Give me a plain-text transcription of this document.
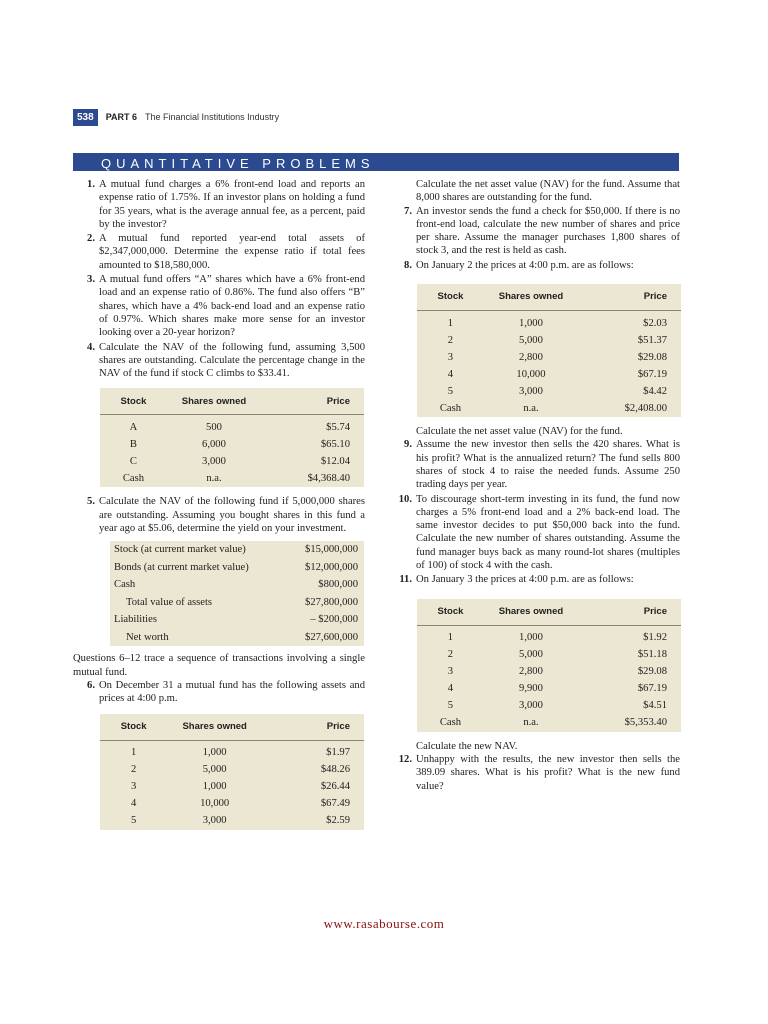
538	PART 6 The Financial Institutions Industry
QUANTITATIVE PROBLEMS
1. A mutual fund charges a 6% front-end load and reports an expense ratio of 1.75%. If an investor plans on holding a fund for 35 years, what is the average annual fee, as a percent, paid by the investor?
2. A mutual fund reported year-end total assets of $2,347,000,000. Determine the expense ratio if total fees amounted to $18,580,000.
3. A mutual fund offers “A” shares which have a 6% front-end load and an expense ratio of 0.86%. The fund also offers “B” shares, which have a 4% back-end load and an expense ratio of 0.97%. Which shares make more sense for an investor looking over a 20-year horizon?
4. Calculate the NAV of the following fund, assuming 3,500 shares are outstanding. Calculate the percentage change in the NAV of the fund if stock C climbs to $33.41.
Stock	Shares owned	Price
A	500	$5.74
B	6,000	$65.10
C	3,000	$12.04
Cash	n.a.	$4,368.40
5. Calculate the NAV of the following fund if 5,000,000 shares are outstanding. Assuming you bought shares in this fund a year ago at $5.06, determine the yield on your investment.
Stock (at current market value)	$15,000,000
Bonds (at current market value)	$12,000,000
Cash	$800,000
Total value of assets	$27,800,000
Liabilities	– $200,000
Net worth	$27,600,000
Questions 6–12 trace a sequence of transactions involving a single mutual fund.
6. On December 31 a mutual fund has the following assets and prices at 4:00 p.m.
Stock	Shares owned	Price
1	1,000	$1.97
2	5,000	$48.26
3	1,000	$26.44
4	10,000	$67.49
5	3,000	$2.59
Calculate the net asset value (NAV) for the fund. Assume that 8,000 shares are outstanding for the fund.
7. An investor sends the fund a check for $50,000. If there is no front-end load, calculate the new number of shares and price per share. Assume the manager purchases 1,800 shares of stock 3, and the rest is held as cash.
8. On January 2 the prices at 4:00 p.m. are as follows:
Stock	Shares owned	Price
1	1,000	$2.03
2	5,000	$51.37
3	2,800	$29.08
4	10,000	$67.19
5	3,000	$4.42
Cash	n.a.	$2,408.00
Calculate the net asset value (NAV) for the fund.
9. Assume the new investor then sells the 420 shares. What is his profit? What is the annualized return? The fund sells 800 shares of stock 4 to raise the needed funds. Assume 250 trading days per year.
10. To discourage short-term investing in its fund, the fund now charges a 5% front-end load and a 2% back-end load. The same investor decides to put $50,000 back into the fund. Calculate the new number of shares outstanding. Assume the fund manager buys back as many round-lot shares (multiples of 100) of stock 4 with the cash.
11. On January 3 the prices at 4:00 p.m. are as follows:
Stock	Shares owned	Price
1	1,000	$1.92
2	5,000	$51.18
3	2,800	$29.08
4	9,900	$67.19
5	3,000	$4.51
Cash	n.a.	$5,353.40
Calculate the new NAV.
12. Unhappy with the results, the new investor then sells the 389.09 shares. What is his profit? What is the new fund value?
www.rasabourse.com
